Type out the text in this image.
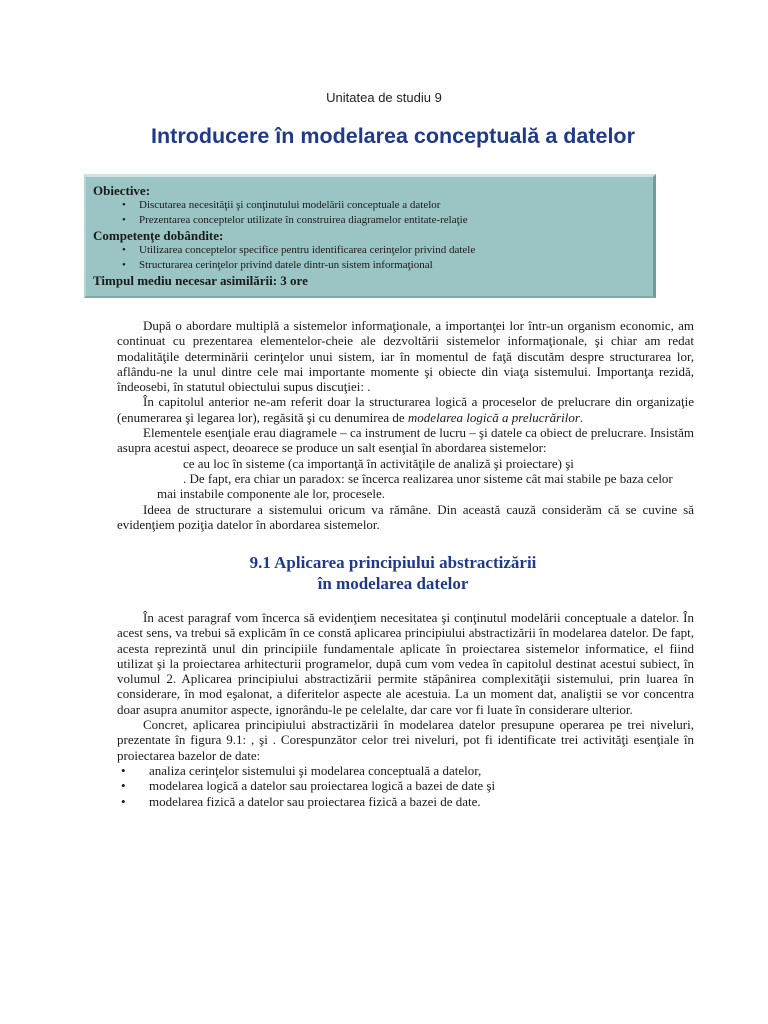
Unitatea de studiu 9
Introducere în modelarea conceptuală a datelor
Obiective:
• Discutarea necesităţii şi conţinutului modelării conceptuale a datelor
• Prezentarea conceptelor utilizate în construirea diagramelor entitate-relaţie
Competenţe dobândite:
• Utilizarea conceptelor specifice pentru identificarea cerinţelor privind datele
• Structurarea cerinţelor privind datele dintr-un sistem informaţional
Timpul mediu necesar asimilării: 3 ore

După o abordare multiplă a sistemelor informaţionale, a importanţei lor într-un organism economic, am continuat cu prezentarea elementelor-cheie ale dezvoltării sistemelor informaţionale, şi chiar am redat modalităţile determinării cerinţelor unui sistem, iar în momentul de faţă discutăm despre structurarea lor, aflându-ne la unul dintre cele mai importante momente şi obiecte din viaţa sistemului. Importanţa rezidă, îndeosebi, în statutul obiectului supus discuţiei: .

În capitolul anterior ne-am referit doar la structurarea logică a proceselor de prelucrare din organizaţie (enumerarea şi legarea lor), regăsită şi cu denumirea de modelarea logică a prelucrărilor.

Elementele esenţiale erau diagramele – ca instrument de lucru – şi datele ca obiect de prelucrare. Insistăm asupra acestui aspect, deoarece se produce un salt esenţial în abordarea sistemelor:
ce au loc în sisteme (ca importanţă în activităţile de analiză şi proiectare) şi
. De fapt, era chiar un paradox: se încerca realizarea unor sisteme cât mai stabile pe baza celor mai instabile componente ale lor, procesele.

Ideea de structurare a sistemului oricum va rămâne. Din această cauză considerăm că se cuvine să evidenţiem poziţia datelor în abordarea sistemelor.

9.1 Aplicarea principiului abstractizării
în modelarea datelor

În acest paragraf vom încerca să evidenţiem necesitatea şi conţinutul modelării conceptuale a datelor. În acest sens, va trebui să explicăm în ce constă aplicarea principiului abstractizării în modelarea datelor. De fapt, acesta reprezintă unul din principiile fundamentale aplicate în proiectarea sistemelor informatice, el fiind utilizat şi la proiectarea arhitecturii programelor, după cum vom vedea în capitolul destinat acestui subiect, în volumul 2. Aplicarea principiului abstractizării permite stăpânirea complexităţii sistemului, prin luarea în considerare, în mod eşalonat, a diferitelor aspecte ale acestuia. La un moment dat, analiştii se vor concentra doar asupra anumitor aspecte, ignorându-le pe celelalte, dar care vor fi luate în considerare ulterior.

Concret, aplicarea principiului abstractizării în modelarea datelor presupune operarea pe trei niveluri, prezentate în figura 9.1: , şi . Corespunzător celor trei niveluri, pot fi identificate trei activităţi esenţiale în proiectarea bazelor de date:

• analiza cerinţelor sistemului şi modelarea conceptuală a datelor,
• modelarea logică a datelor sau proiectarea logică a bazei de date şi
• modelarea fizică a datelor sau proiectarea fizică a bazei de date.
